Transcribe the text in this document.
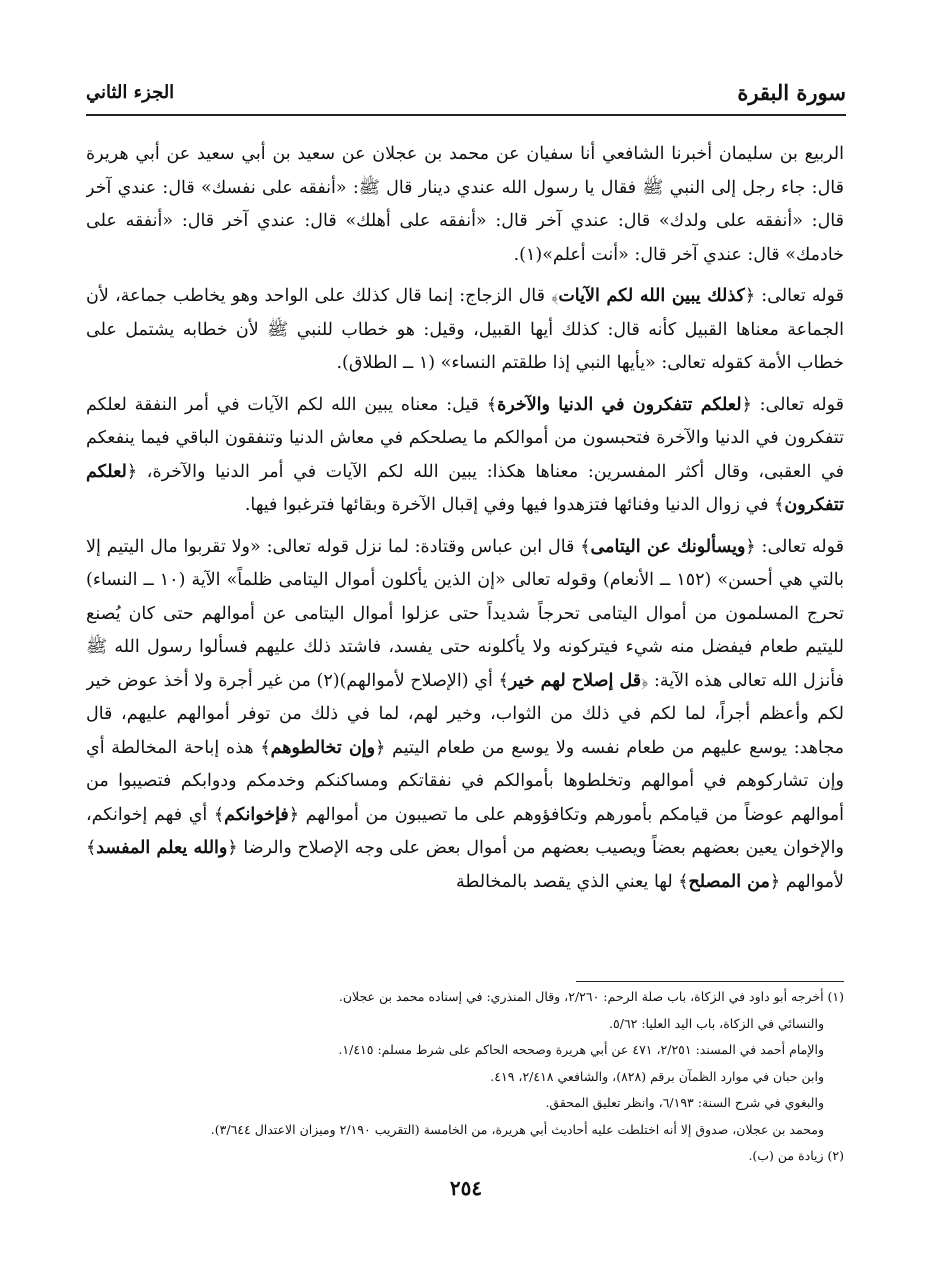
سورة البقرة
الجزء الثاني

الربيع بن سليمان أخبرنا الشافعي أنا سفيان عن محمد بن عجلان عن سعيد بن أبي سعيد عن أبي هريرة قال: جاء رجل إلى النبي ﷺ فقال يا رسول الله عندي دينار قال ﷺ: «أنفقه على نفسك» قال: عندي آخر قال: «أنفقه على ولدك» قال: عندي آخر قال: «أنفقه على أهلك» قال: عندي آخر قال: «أنفقه على خادمك» قال: عندي آخر قال: «أنت أعلم»(١).

قوله تعالى: ﴿كذلك يبين الله لكم الآيات﴾ قال الزجاج: إنما قال كذلك على الواحد وهو يخاطب جماعة، لأن الجماعة معناها القبيل كأنه قال: كذلك أيها القبيل، وقيل: هو خطاب للنبي ﷺ لأن خطابه يشتمل على خطاب الأمة كقوله تعالى: «يأيها النبي إذا طلقتم النساء» (١ ــ الطلاق).

قوله تعالى: ﴿لعلكم تتفكرون في الدنيا والآخرة﴾ قيل: معناه يبين الله لكم الآيات في أمر النفقة لعلكم تتفكرون في الدنيا والآخرة فتحبسون من أموالكم ما يصلحكم في معاش الدنيا وتنفقون الباقي فيما ينفعكم في العقبى، وقال أكثر المفسرين: معناها هكذا: يبين الله لكم الآيات في أمر الدنيا والآخرة، ﴿لعلكم تتفكرون﴾ في زوال الدنيا وفنائها فتزهدوا فيها وفي إقبال الآخرة وبقائها فترغبوا فيها.

قوله تعالى: ﴿ويسألونك عن اليتامى﴾ قال ابن عباس وقتادة: لما نزل قوله تعالى: «ولا تقربوا مال اليتيم إلا بالتي هي أحسن» (١٥٢ ــ الأنعام) وقوله تعالى «إن الذين يأكلون أموال اليتامى ظلماً» الآية (١٠ ــ النساء) تحرج المسلمون من أموال اليتامى تحرجاً شديداً حتى عزلوا أموال اليتامى عن أموالهم حتى كان يُصنع لليتيم طعام فيفضل منه شيء فيتركونه ولا يأكلونه حتى يفسد، فاشتد ذلك عليهم فسألوا رسول الله ﷺ فأنزل الله تعالى هذه الآية: ﴿قل إصلاح لهم خير﴾ أي (الإصلاح لأموالهم)(٢) من غير أجرة ولا أخذ عوض خير لكم وأعظم أجراً، لما لكم في ذلك من الثواب، وخير لهم، لما في ذلك من توفر أموالهم عليهم، قال مجاهد: يوسع عليهم من طعام نفسه ولا يوسع من طعام اليتيم ﴿وإن تخالطوهم﴾ هذه إباحة المخالطة أي وإن تشاركوهم في أموالهم وتخلطوها بأموالكم في نفقاتكم ومساكنكم وخدمكم ودوابكم فتصيبوا من أموالهم عوضاً من قيامكم بأمورهم وتكافؤوهم على ما تصيبون من أموالهم ﴿فإخوانكم﴾ أي فهم إخوانكم، والإخوان يعين بعضهم بعضاً ويصيب بعضهم من أموال بعض على وجه الإصلاح والرضا ﴿والله يعلم المفسد﴾ لأموالهم ﴿من المصلح﴾ لها يعني الذي يقصد بالمخالطة

(١) أخرجه أبو داود في الزكاة، باب صلة الرحم: ٢/٢٦٠، وقال المنذري: في إسناده محمد بن عجلان.

والنسائي في الزكاة، باب اليد العليا: ٥/٦٢.

والإمام أحمد في المسند: ٢/٢٥١، ٤٧١ عن أبي هريرة وصححه الحاكم على شرط مسلم: ١/٤١٥.

وابن حبان في موارد الظمآن برقم (٨٢٨)، والشافعي ٢/٤١٨، ٤١٩.

والبغوي في شرح السنة: ٦/١٩٣، وانظر تعليق المحقق.

ومحمد بن عجلان، صدوق إلا أنه اختلطت عليه أحاديث أبي هريرة، من الخامسة (التقريب ٢/١٩٠ وميزان الاعتدال ٣/٦٤٤).

(٢) زيادة من (ب).

٢٥٤
